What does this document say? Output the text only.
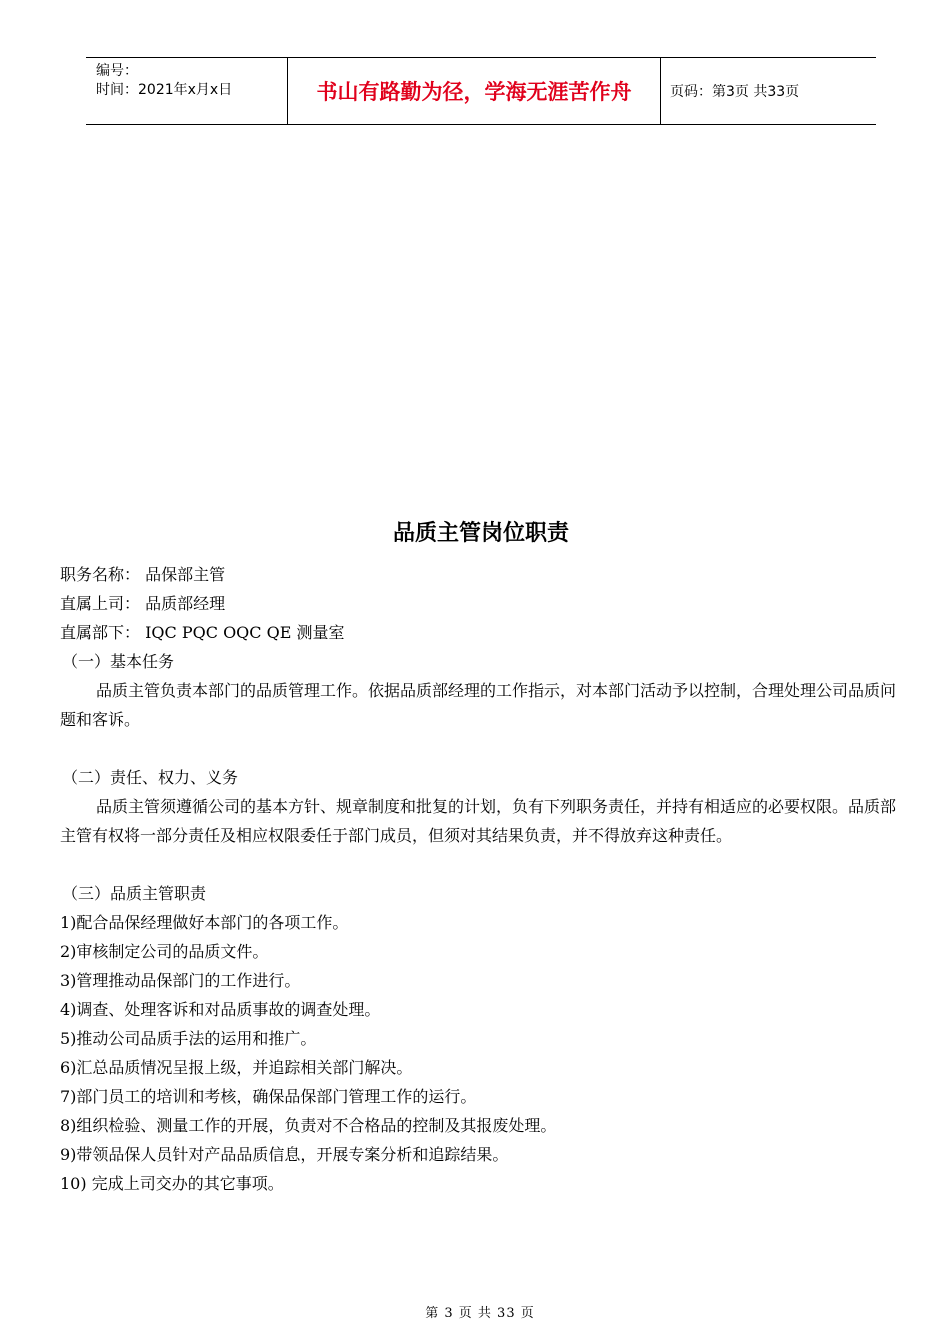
编号：
时间：2021年x月x日	书山有路勤为径，学海无涯苦作舟	页码：第3页 共33页
品质主管岗位职责

职务名称： 品保部主管

直属上司： 品质部经理

直属部下： IQC PQC OQC QE 测量室

（一）基本任务

品质主管负责本部门的品质管理工作。依据品质部经理的工作指示，对本部门活动予以控制，合理处理公司品质问题和客诉。

（二）责任、权力、义务

品质主管须遵循公司的基本方针、规章制度和批复的计划，负有下列职务责任，并持有相适应的必要权限。品质部主管有权将一部分责任及相应权限委任于部门成员，但须对其结果负责，并不得放弃这种责任。

（三）品质主管职责

1)配合品保经理做好本部门的各项工作。

2)审核制定公司的品质文件。

3)管理推动品保部门的工作进行。

4)调查、处理客诉和对品质事故的调查处理。

5)推动公司品质手法的运用和推广。

6)汇总品质情况呈报上级，并追踪相关部门解决。

7)部门员工的培训和考核，确保品保部门管理工作的运行。

8)组织检验、测量工作的开展，负责对不合格品的控制及其报废处理。

9)带领品保人员针对产品品质信息，开展专案分析和追踪结果。

10) 完成上司交办的其它事项。

第 3 页 共 33 页
